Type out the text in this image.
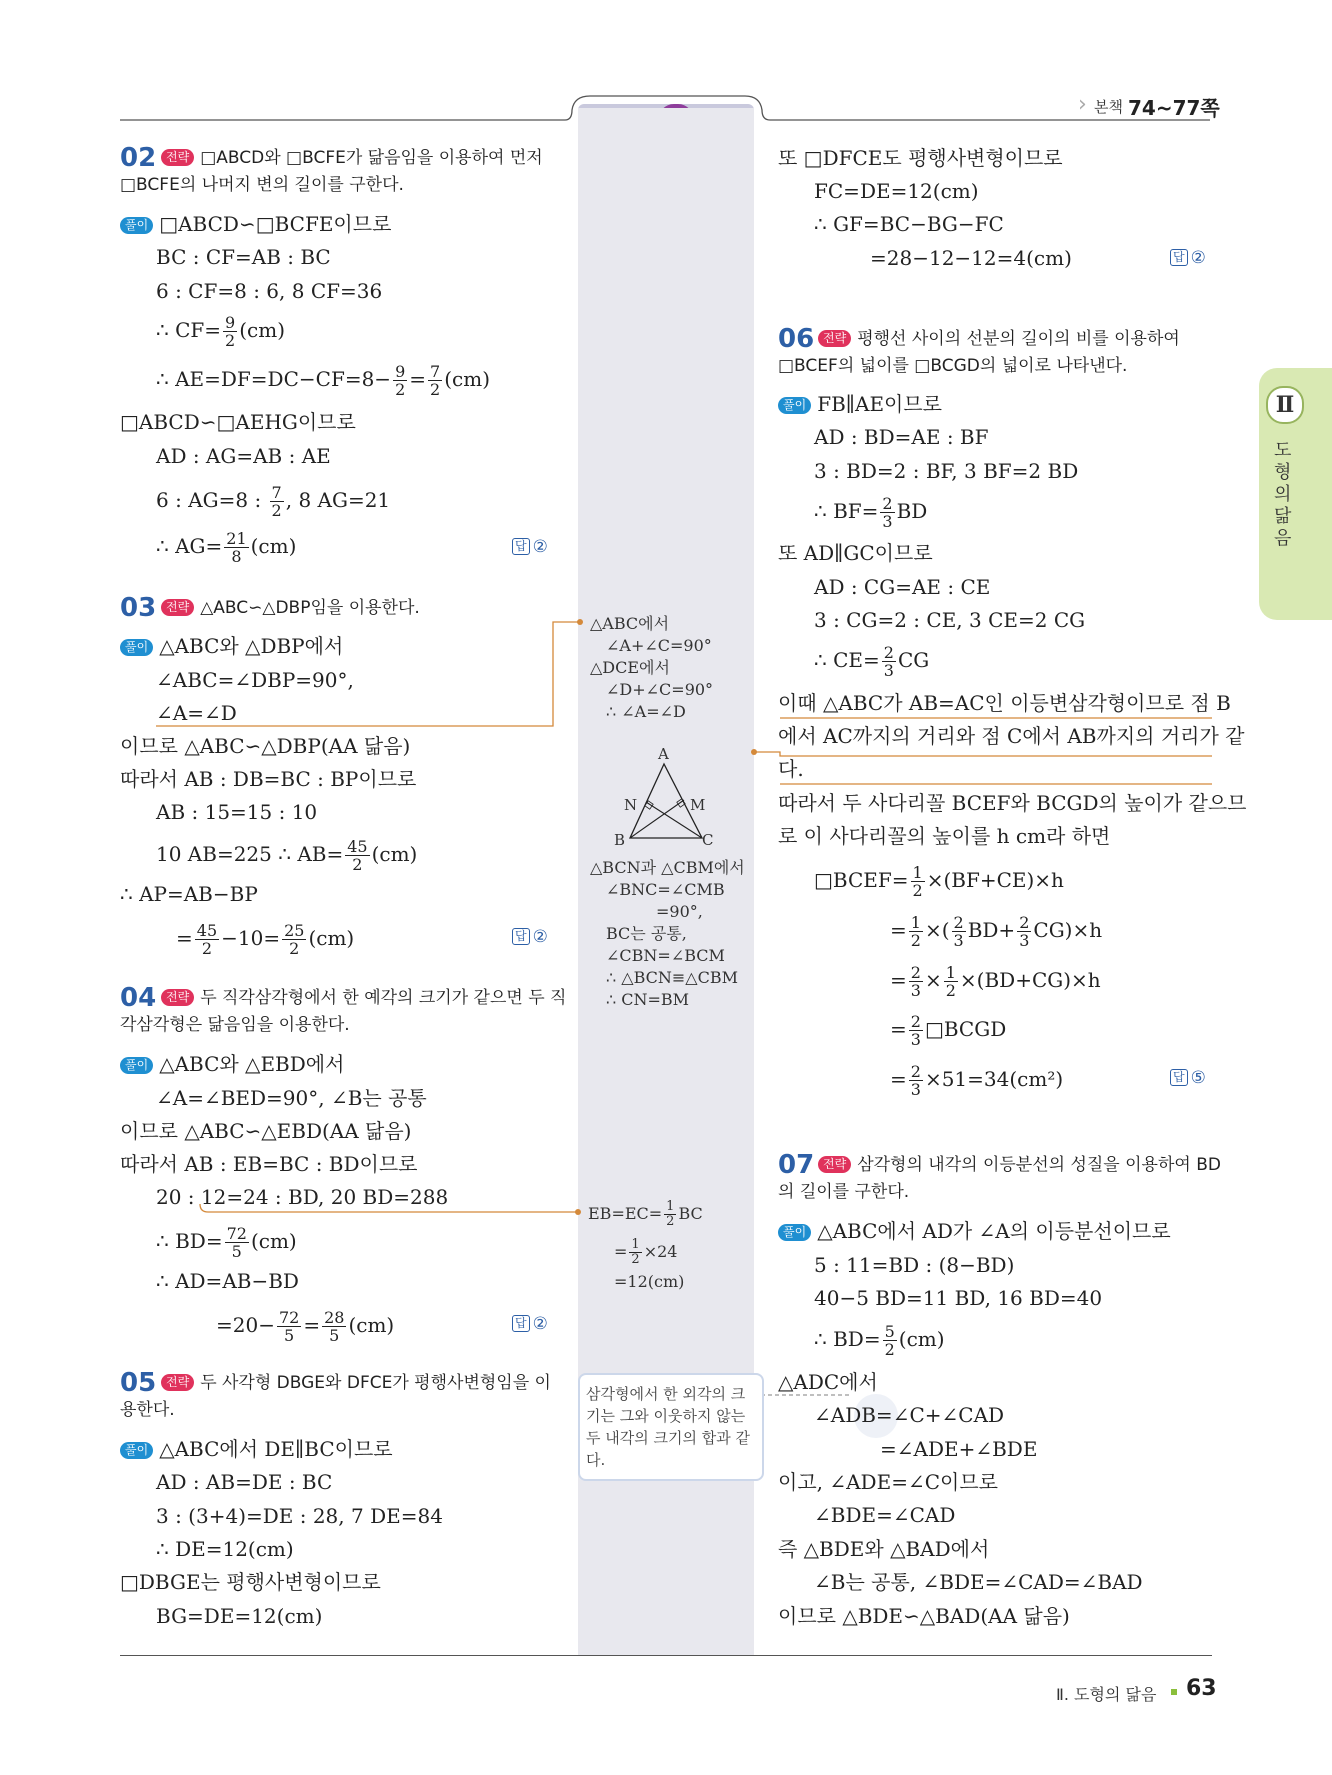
› 본책 74~77쪽
Ⅱ
도형의 닮음
02 전략 □ABCD와 □BCFE가 닮음임을 이용하여 먼저
□BCFE의 나머지 변의 길이를 구한다.
풀이 □ABCD∽□BCFE이므로
BC : CF=AB : BC
6 : CF=8 : 6, 8 CF=36
∴ $CF= \frac{9}{2} (cm)$
∴ $AE=DF=DC-CF=8- \frac{9}{2} = \frac{7}{2} (cm)$
□ABCD∽□AEHG이므로
AD : AG=AB : AE
6 : AG=8 : $\frac{7}{2}$ , 8 AG=21
∴ $AG= \frac{21}{8} (cm)$	답 ②
03 전략 △ABC∽△DBP임을 이용한다.
풀이 △ABC와 △DBP에서
∠ABC=∠DBP=90°,
∠A=∠D
이므로 △ABC∽△DBP(AA 닮음)
따라서 AB : DB=BC : BP이므로
AB : 15=15 : 10
10 AB=225 ∴ $AB= \frac{45}{2} (cm)$
∴ AP=AB−BP
= $\frac{45}{2} -10= \frac{25}{2} (cm)$	답 ②
04 전략 두 직각삼각형에서 한 예각의 크기가 같으면 두 직
각삼각형은 닮음임을 이용한다.
풀이 △ABC와 △EBD에서
∠A=∠BED=90°, ∠B는 공통
이므로 △ABC∽△EBD(AA 닮음)
따라서 AB : EB=BC : BD이므로
20 : 12=24 : BD, 20 BD=288
∴ $BD= \frac{72}{5} (cm)$
∴ AD=AB−BD
$=20- \frac{72}{5} = \frac{28}{5} (cm)$	답 ②
05 전략 두 사각형 DBGE와 DFCE가 평행사변형임을 이
용한다.
풀이 △ABC에서 DE∥BC이므로
AD : AB=DE : BC
3 : (3+4)=DE : 28, 7 DE=84
∴ DE=12(cm)
□DBGE는 평행사변형이므로
BG=DE=12(cm)
△ABC에서
∠A+∠C=90°
△DCE에서
∠D+∠C=90°
∴ ∠A=∠D
A
B	C
N	M
△BCN과 △CBM에서
∠BNC=∠CMB
=90°,
BC는 공통,
∠CBN=∠BCM
∴ △BCN≡△CBM
∴ CN=BM
$EB=EC= \frac{1}{2}$ BC
= $\frac{1}{2} \times 24$
=12(cm)
삼각형에서 한 외각의 크기는 그와 이웃하지 않는 두 내각의 크기의 합과 같다.
또 □DFCE도 평행사변형이므로
FC=DE=12(cm)
∴ GF=BC−BG−FC
=28−12−12=4(cm)	답 ②
06 전략 평행선 사이의 선분의 길이의 비를 이용하여
□BCEF의 넓이를 □BCGD의 넓이로 나타낸다.
풀이 FB∥AE이므로
AD : BD=AE : BF
3 : BD=2 : BF, 3 BF=2 BD
∴ $BF= \frac{2}{3}$ BD
또 AD∥GC이므로
AD : CG=AE : CE
3 : CG=2 : CE, 3 CE=2 CG
∴ $CE= \frac{2}{3}$ CG
이때 △ABC가 AB=AC인 이등변삼각형이므로 점 B
에서 AC까지의 거리와 점 C에서 AB까지의 거리가 같
다.
따라서 두 사다리꼴 BCEF와 BCGD의 높이가 같으므
로 이 사다리꼴의 높이를 h cm라 하면
□BCEF= $\frac{1}{2} \times(BF+CE)\times h$
= $\frac{1}{2}$ ×( $\frac{2}{3} BD+ \frac{2}{3} CG)\times h$
= $\frac{2}{3} \times \frac{1}{2} \times(BD+CG)\times h$
= $\frac{2}{3}$ □BCGD
= $\frac{2}{3} \times 51=34(cm^2)$	답 ⑤
07 전략 삼각형의 내각의 이등분선의 성질을 이용하여 BD
의 길이를 구한다.
풀이 △ABC에서 AD가 ∠A의 이등분선이므로
5 : 11=BD : (8−BD)
40−5 BD=11 BD, 16 BD=40
∴ $BD= \frac{5}{2} (cm)$
△ADC에서
∠ADB=∠C+∠CAD
=∠ADE+∠BDE
이고, ∠ADE=∠C이므로
∠BDE=∠CAD
즉 △BDE와 △BAD에서
∠B는 공통, ∠BDE=∠CAD=∠BAD
이므로 △BDE∽△BAD(AA 닮음)
Ⅱ. 도형의 닮음 63
